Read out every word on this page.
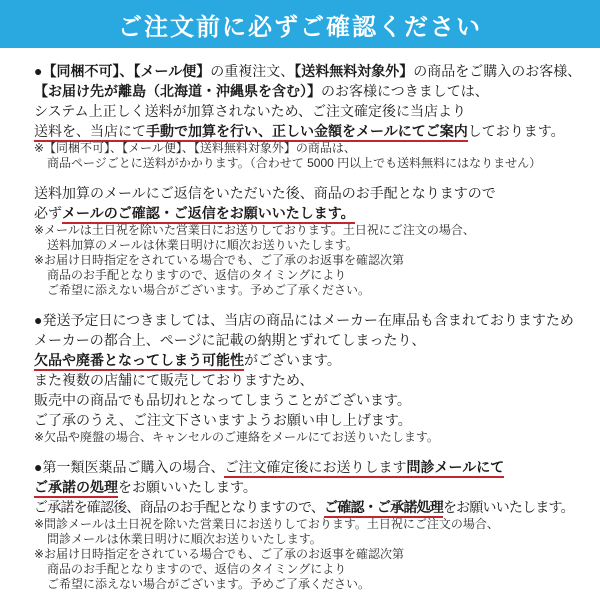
ご注文前に必ずご確認ください

●【同梱不可】、【メール便】の重複注文、【送料無料対象外】の商品をご購入のお客様、

【お届け先が離島（北海道・沖縄県を含む）】のお客様につきましては、

システム上正しく送料が加算されないため、ご注文確定後に当店より

送料を、当店にて手動で加算を行い、正しい金額をメールにてご案内しております。

※【同梱不可】、【メール便】、【送料無料対象外】の商品は、

商品ページごとに送料がかかります。（合わせて 5000 円以上でも送料無料にはなりません）

送料加算のメールにご返信をいただいた後、商品のお手配となりますので

必ずメールのご確認・ご返信をお願いいたします。

※メールは土日祝を除いた営業日にお送りしております。土日祝にご注文の場合、

送料加算のメールは休業日明けに順次お送りいたします。

※お届け日時指定をされている場合でも、ご了承のお返事を確認次第

商品のお手配となりますので、返信のタイミングにより

ご希望に添えない場合がございます。予めご了承ください。

●発送予定日につきましては、当店の商品にはメーカー在庫品も含まれておりますため

メーカーの都合上、ページに記載の納期とずれてしまったり、

欠品や廃番となってしまう可能性がございます。

また複数の店舗にて販売しておりますため、

販売中の商品でも品切れとなってしまうことがございます。

ご了承のうえ、ご注文下さいますようお願い申し上げます。

※欠品や廃盤の場合、キャンセルのご連絡をメールにてお送りいたします。

●第一類医薬品ご購入の場合、ご注文確定後にお送りします問診メールにて

ご承諾の処理をお願いいたします。

ご承諾を確認後、商品のお手配となりますので、ご確認・ご承諾処理をお願いいたします。

※問診メールは土日祝を除いた営業日にお送りしております。土日祝にご注文の場合、

問診メールは休業日明けに順次お送りいたします。

※お届け日時指定をされている場合でも、ご了承のお返事を確認次第

商品のお手配となりますので、返信のタイミングにより

ご希望に添えない場合がございます。予めご了承ください。
